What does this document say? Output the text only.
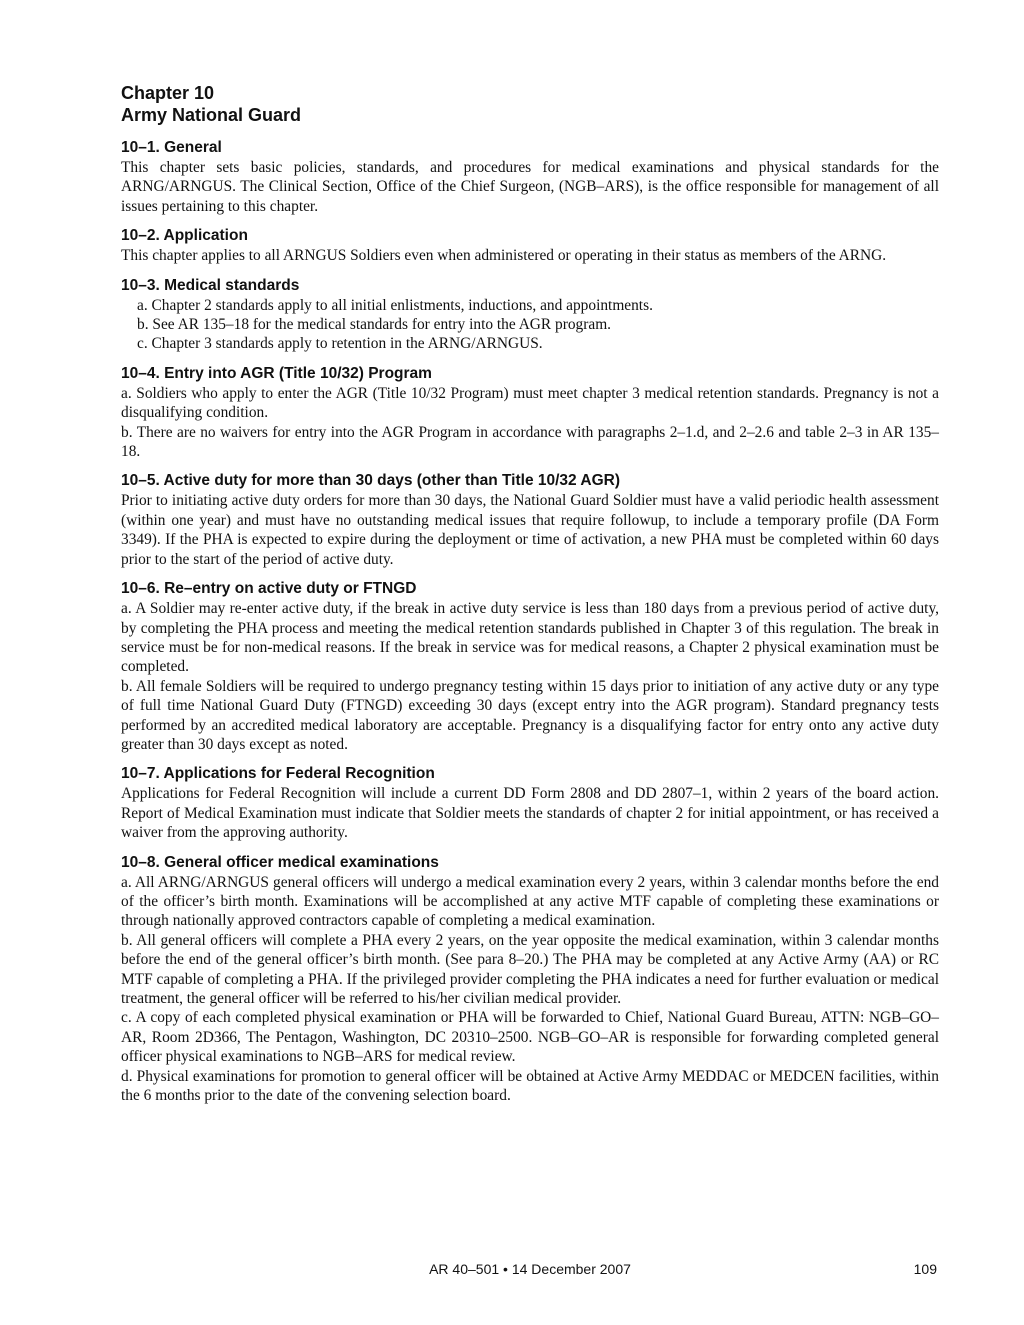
Chapter 10
Army National Guard
10–1. General

This chapter sets basic policies, standards, and procedures for medical examinations and physical standards for the ARNG/ARNGUS. The Clinical Section, Office of the Chief Surgeon, (NGB–ARS), is the office responsible for management of all issues pertaining to this chapter.

10–2. Application

This chapter applies to all ARNGUS Soldiers even when administered or operating in their status as members of the ARNG.

10–3. Medical standards

a. Chapter 2 standards apply to all initial enlistments, inductions, and appointments.

b. See AR 135–18 for the medical standards for entry into the AGR program.

c. Chapter 3 standards apply to retention in the ARNG/ARNGUS.

10–4. Entry into AGR (Title 10/32) Program

a. Soldiers who apply to enter the AGR (Title 10/32 Program) must meet chapter 3 medical retention standards. Pregnancy is not a disqualifying condition.

b. There are no waivers for entry into the AGR Program in accordance with paragraphs 2–1.d, and 2–2.6 and table 2–3 in AR 135–18.

10–5. Active duty for more than 30 days (other than Title 10/32 AGR)

Prior to initiating active duty orders for more than 30 days, the National Guard Soldier must have a valid periodic health assessment (within one year) and must have no outstanding medical issues that require followup, to include a temporary profile (DA Form 3349). If the PHA is expected to expire during the deployment or time of activation, a new PHA must be completed within 60 days prior to the start of the period of active duty.

10–6. Re–entry on active duty or FTNGD

a. A Soldier may re-enter active duty, if the break in active duty service is less than 180 days from a previous period of active duty, by completing the PHA process and meeting the medical retention standards published in Chapter 3 of this regulation. The break in service must be for non-medical reasons. If the break in service was for medical reasons, a Chapter 2 physical examination must be completed.

b. All female Soldiers will be required to undergo pregnancy testing within 15 days prior to initiation of any active duty or any type of full time National Guard Duty (FTNGD) exceeding 30 days (except entry into the AGR program). Standard pregnancy tests performed by an accredited medical laboratory are acceptable. Pregnancy is a disqualifying factor for entry onto any active duty greater than 30 days except as noted.

10–7. Applications for Federal Recognition

Applications for Federal Recognition will include a current DD Form 2808 and DD 2807–1, within 2 years of the board action. Report of Medical Examination must indicate that Soldier meets the standards of chapter 2 for initial appointment, or has received a waiver from the approving authority.

10–8. General officer medical examinations

a. All ARNG/ARNGUS general officers will undergo a medical examination every 2 years, within 3 calendar months before the end of the officer’s birth month. Examinations will be accomplished at any active MTF capable of completing these examinations or through nationally approved contractors capable of completing a medical examination.

b. All general officers will complete a PHA every 2 years, on the year opposite the medical examination, within 3 calendar months before the end of the general officer’s birth month. (See para 8–20.) The PHA may be completed at any Active Army (AA) or RC MTF capable of completing a PHA. If the privileged provider completing the PHA indicates a need for further evaluation or medical treatment, the general officer will be referred to his/her civilian medical provider.

c. A copy of each completed physical examination or PHA will be forwarded to Chief, National Guard Bureau, ATTN: NGB–GO–AR, Room 2D366, The Pentagon, Washington, DC 20310–2500. NGB–GO–AR is responsible for forwarding completed general officer physical examinations to NGB–ARS for medical review.

d. Physical examinations for promotion to general officer will be obtained at Active Army MEDDAC or MEDCEN facilities, within the 6 months prior to the date of the convening selection board.

AR 40–501 • 14 December 2007	109
